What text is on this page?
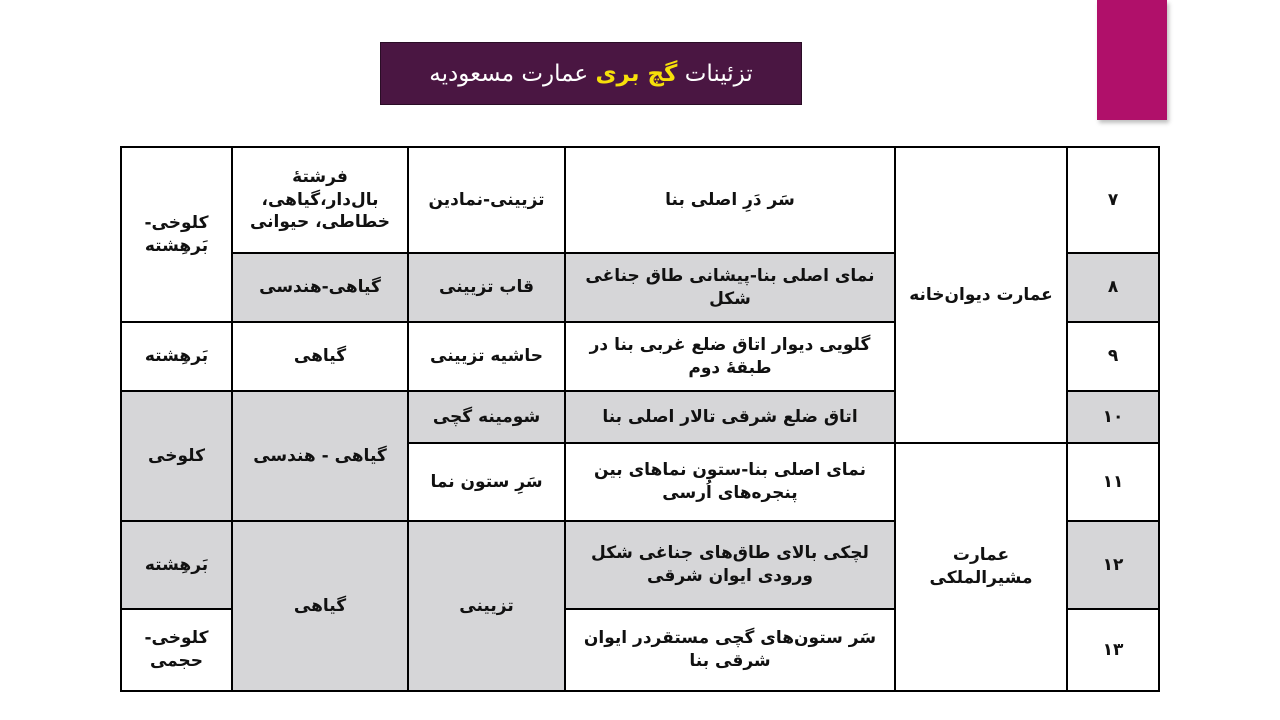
تزئینات

گچ بری

عمارت مسعودیه
۷
سَر دَرِ اصلی بنا
تزیینی-نمادین
فرشتهٔ بال‌دار،گیاهی، خطاطی، حیوانی
کلوخی-بَرهِشته
عمارت دیوان‌خانه	۸
نمای اصلی بنا-پیشانی طاق جناغی شکل
قاب تزیینی
گیاهی-هندسی
۹
گلویی دیوار اتاق ضلع غربی بنا در طبقهٔ دوم
حاشیه تزیینی
گیاهی
بَرهِشته
۱۰
اتاق ضلع شرقی تالار اصلی بنا
شومینه گچی
گیاهی - هندسی
کلوخی
۱۱
نمای اصلی بنا-ستون نماهای بین پنجره‌های اُرسی
سَرِ ستون نما
عمارت مشیرالملکی
۱۲
لچکی بالای طاق‌های جناغی شکل ورودی ایوان شرقی
بَرهِشته
تزیینی
گیاهی
۱۳
سَر ستون‌های گچی مستقردر ایوان شرقی بنا
کلوخی-حجمی
